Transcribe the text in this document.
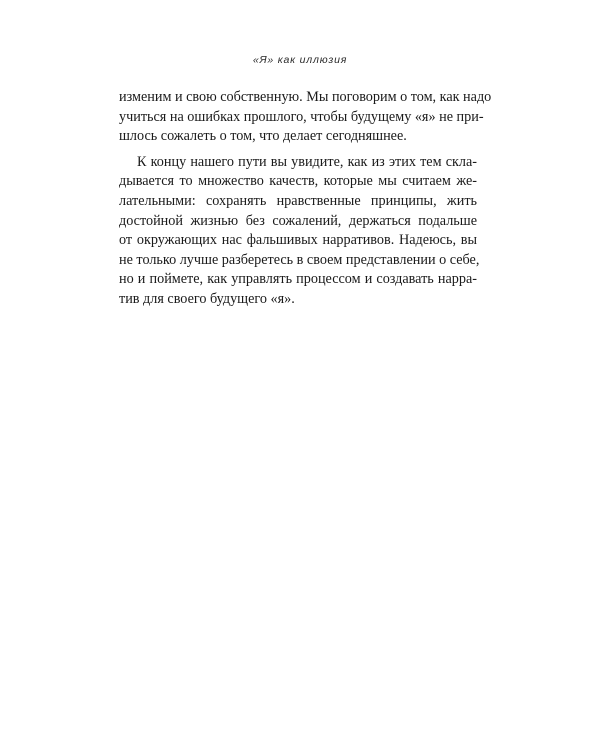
«Я» как иллюзия
изменим и свою собственную. Мы поговорим о том, как надо
учиться на ошибках прошлого, чтобы будущему «я» не при-
шлось сожалеть о том, что делает сегодняшнее.
К концу нашего пути вы увидите, как из этих тем скла-
дывается то множество качеств, которые мы считаем же-
лательными: сохранять нравственные принципы, жить
достойной жизнью без сожалений, держаться подальше
от окружающих нас фальшивых нарративов. Надеюсь, вы
не только лучше разберетесь в своем представлении о себе,
но и поймете, как управлять процессом и создавать нарра-
тив для своего будущего «я».
